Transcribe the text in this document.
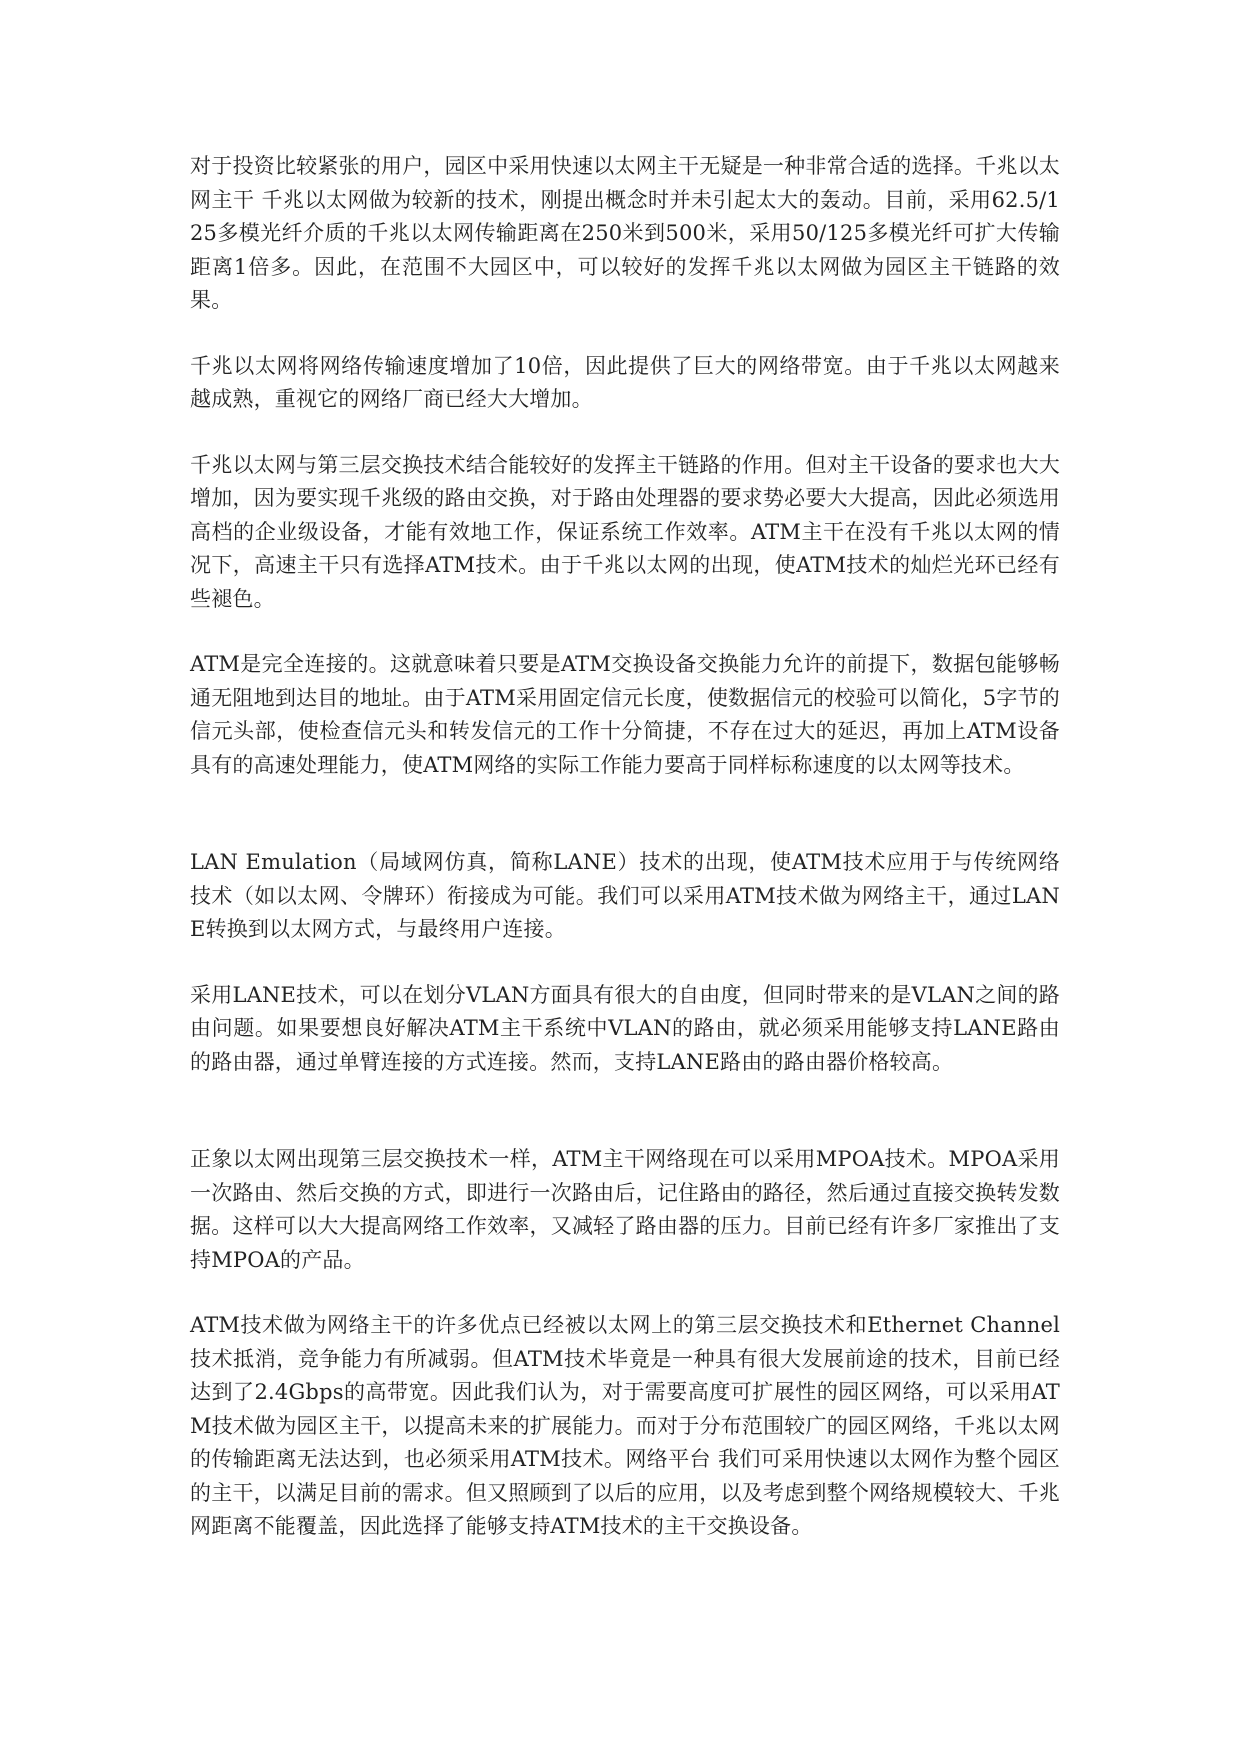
对于投资比较紧张的用户，园区中采用快速以太网主干无疑是一种非常合适的选择。千兆以太网主干 千兆以太网做为较新的技术，刚提出概念时并未引起太大的轰动。目前，采用62.5/125多模光纤介质的千兆以太网传输距离在250米到500米，采用50/125多模光纤可扩大传输距离1倍多。因此，在范围不大园区中，可以较好的发挥千兆以太网做为园区主干链路的效果。

千兆以太网将网络传输速度增加了10倍，因此提供了巨大的网络带宽。由于千兆以太网越来越成熟，重视它的网络厂商已经大大增加。

千兆以太网与第三层交换技术结合能较好的发挥主干链路的作用。但对主干设备的要求也大大增加，因为要实现千兆级的路由交换，对于路由处理器的要求势必要大大提高，因此必须选用高档的企业级设备，才能有效地工作，保证系统工作效率。ATM主干在没有千兆以太网的情况下，高速主干只有选择ATM技术。由于千兆以太网的出现，使ATM技术的灿烂光环已经有些褪色。

ATM是完全连接的。这就意味着只要是ATM交换设备交换能力允许的前提下，数据包能够畅通无阻地到达目的地址。由于ATM采用固定信元长度，使数据信元的校验可以简化，5字节的信元头部，使检查信元头和转发信元的工作十分简捷，不存在过大的延迟，再加上ATM设备具有的高速处理能力，使ATM网络的实际工作能力要高于同样标称速度的以太网等技术。

LAN Emulation（局域网仿真，简称LANE）技术的出现，使ATM技术应用于与传统网络技术（如以太网、令牌环）衔接成为可能。我们可以采用ATM技术做为网络主干，通过LANE转换到以太网方式，与最终用户连接。

采用LANE技术，可以在划分VLAN方面具有很大的自由度，但同时带来的是VLAN之间的路由问题。如果要想良好解决ATM主干系统中VLAN的路由，就必须采用能够支持LANE路由的路由器，通过单臂连接的方式连接。然而，支持LANE路由的路由器价格较高。

正象以太网出现第三层交换技术一样，ATM主干网络现在可以采用MPOA技术。MPOA采用一次路由、然后交换的方式，即进行一次路由后，记住路由的路径，然后通过直接交换转发数据。这样可以大大提高网络工作效率，又减轻了路由器的压力。目前已经有许多厂家推出了支持MPOA的产品。

ATM技术做为网络主干的许多优点已经被以太网上的第三层交换技术和Ethernet Channel技术抵消，竞争能力有所减弱。但ATM技术毕竟是一种具有很大发展前途的技术，目前已经达到了2.4Gbps的高带宽。因此我们认为，对于需要高度可扩展性的园区网络，可以采用ATM技术做为园区主干，以提高未来的扩展能力。而对于分布范围较广的园区网络，千兆以太网的传输距离无法达到，也必须采用ATM技术。网络平台 我们可采用快速以太网作为整个园区的主干，以满足目前的需求。但又照顾到了以后的应用，以及考虑到整个网络规模较大、千兆网距离不能覆盖，因此选择了能够支持ATM技术的主干交换设备。
